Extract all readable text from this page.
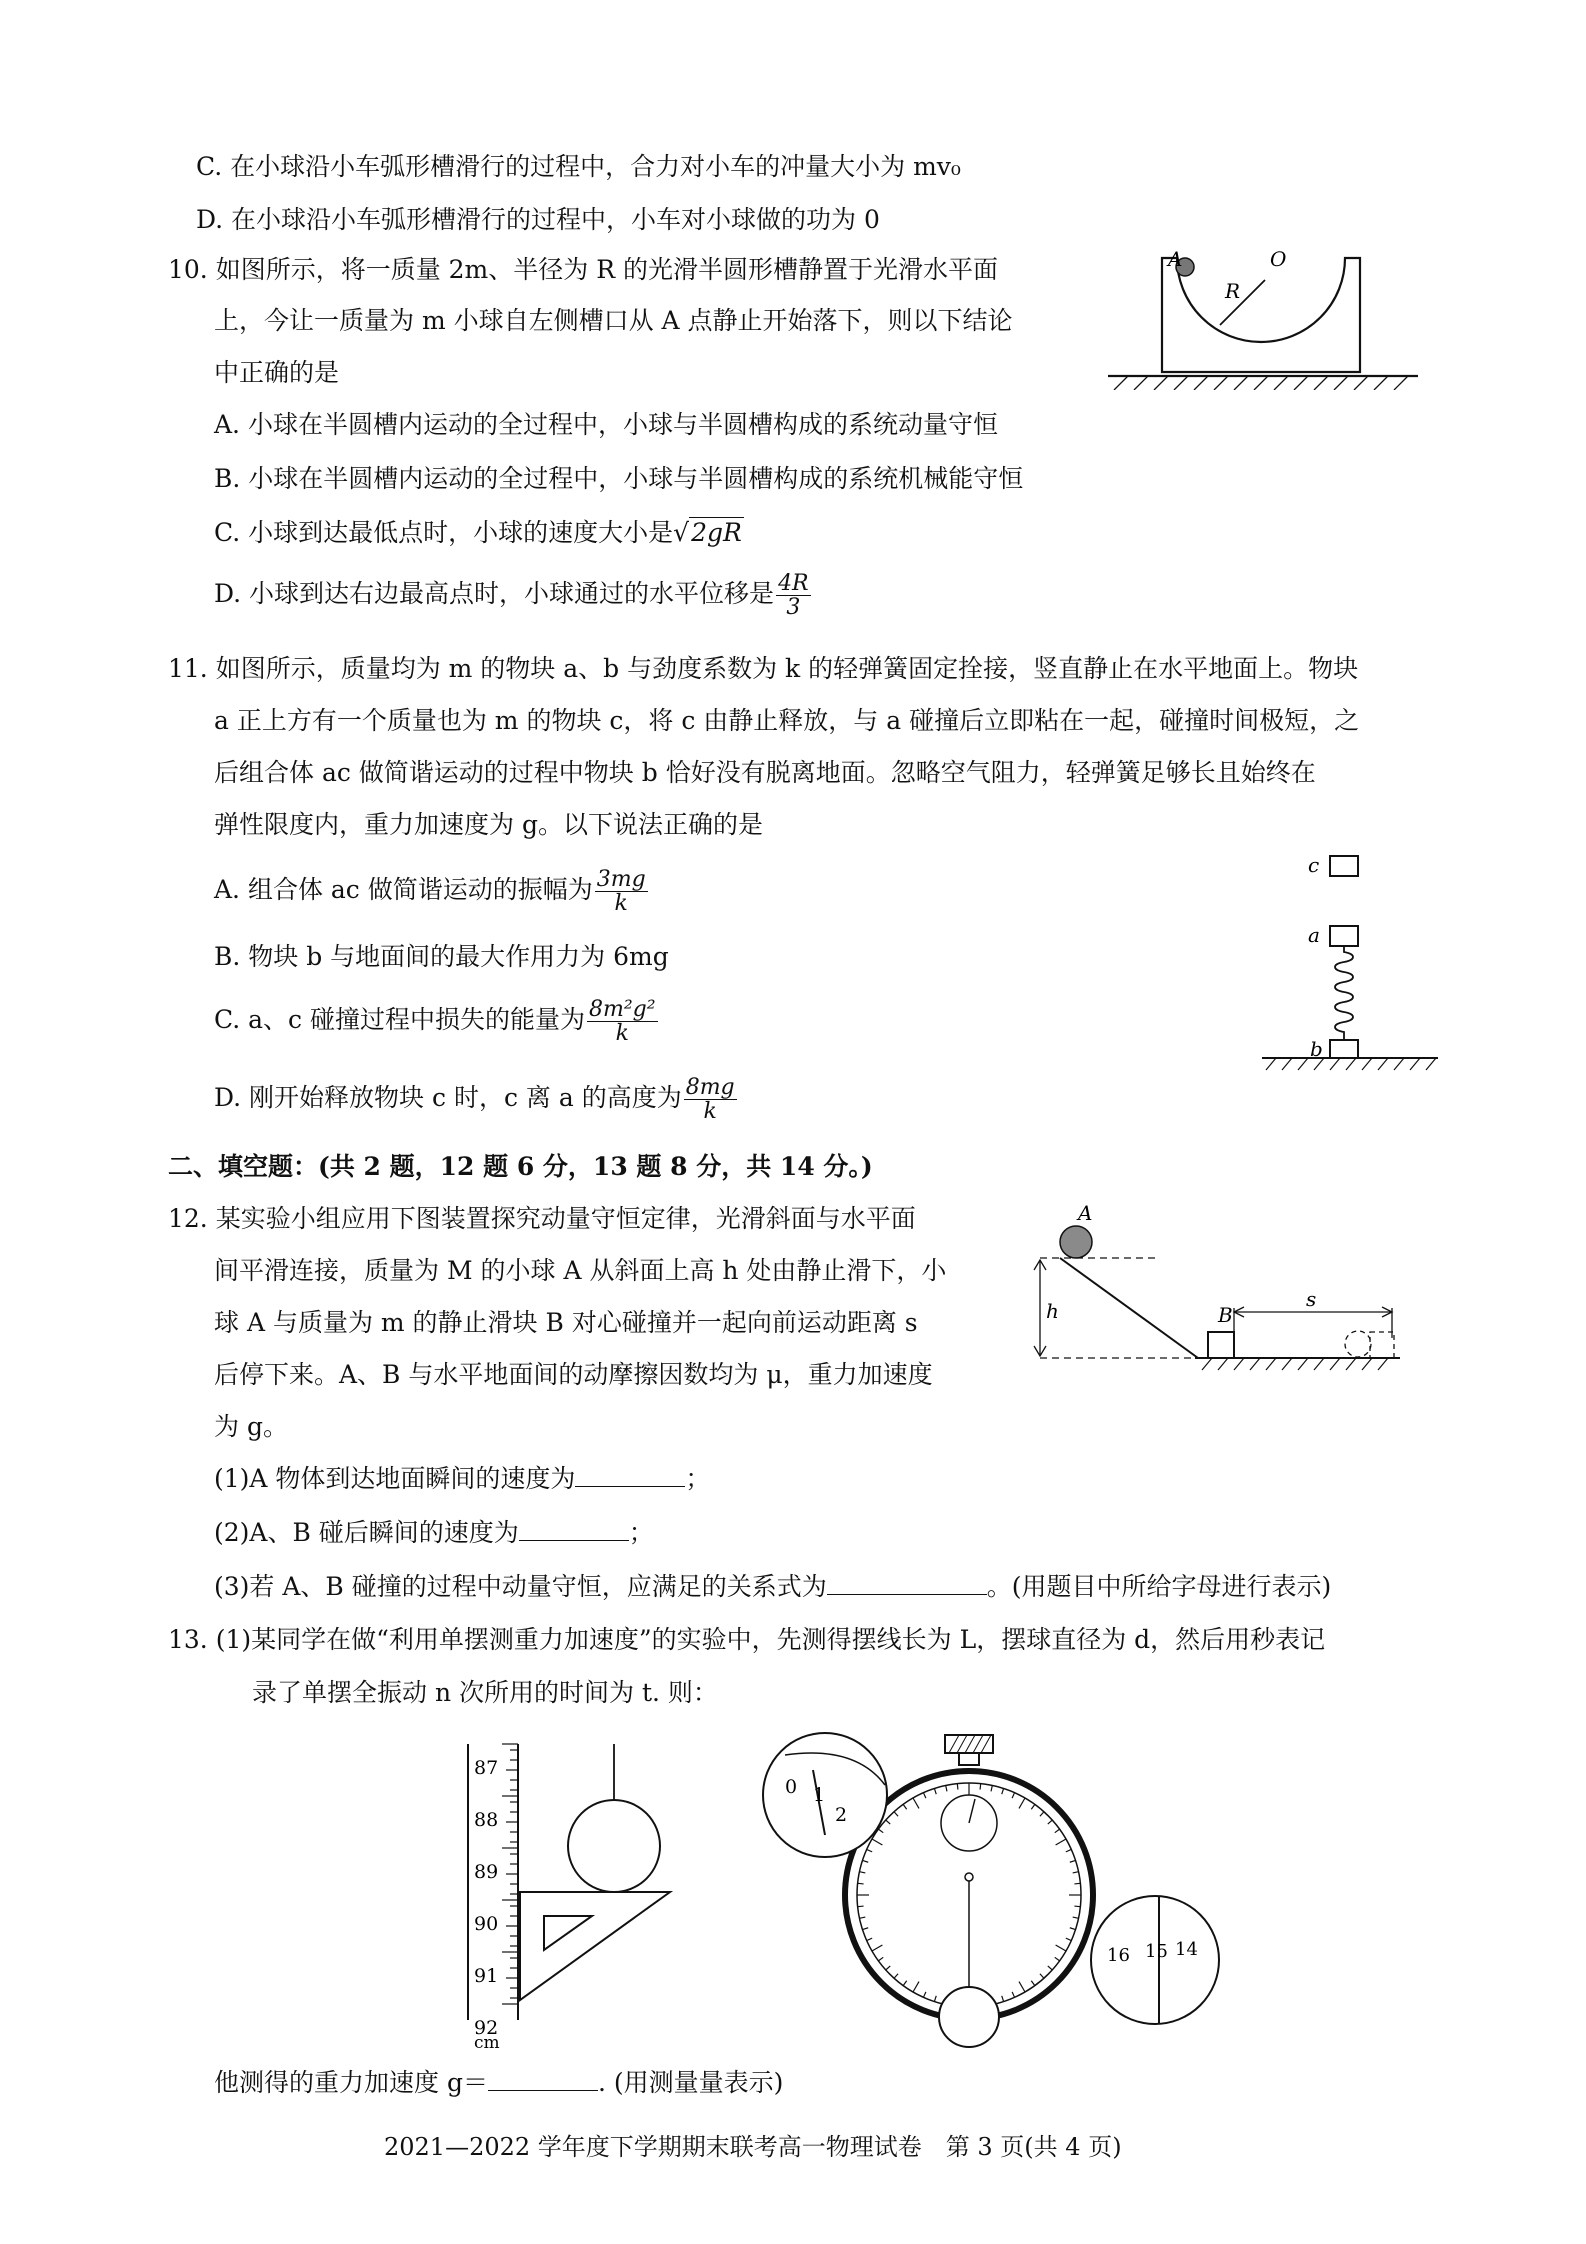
C. 在小球沿小车弧形槽滑行的过程中，合力对小车的冲量大小为 mv₀
D. 在小球沿小车弧形槽滑行的过程中，小车对小球做的功为 0
10. 如图所示，将一质量 2m、半径为 R 的光滑半圆形槽静置于光滑水平面
上，今让一质量为 m 小球自左侧槽口从 A 点静止开始落下，则以下结论
中正确的是
A. 小球在半圆槽内运动的全过程中，小球与半圆槽构成的系统动量守恒
B. 小球在半圆槽内运动的全过程中，小球与半圆槽构成的系统机械能守恒
C. 小球到达最低点时，小球的速度大小是√2gR
D. 小球到达右边最高点时，小球通过的水平位移是 $\frac{4R}{3}$
A	O
R
11. 如图所示，质量均为 m 的物块 a、b 与劲度系数为 k 的轻弹簧固定拴接，竖直静止在水平地面上。物块
a 正上方有一个质量也为 m 的物块 c，将 c 由静止释放，与 a 碰撞后立即粘在一起，碰撞时间极短，之
后组合体 ac 做简谐运动的过程中物块 b 恰好没有脱离地面。忽略空气阻力，轻弹簧足够长且始终在
弹性限度内，重力加速度为 g。以下说法正确的是
A. 组合体 ac 做简谐运动的振幅为 $\frac{3mg}{k}$
B. 物块 b 与地面间的最大作用力为 6mg
C. a、c 碰撞过程中损失的能量为 $\frac{\text{8m²g²}}{k}$
D. 刚开始释放物块 c 时，c 离 a 的高度为 $\frac{8mg}{k}$
c
a
b
二、填空题：(共 2 题，12 题 6 分，13 题 8 分，共 14 分。)
12. 某实验小组应用下图装置探究动量守恒定律，光滑斜面与水平面
间平滑连接，质量为 M 的小球 A 从斜面上高 h 处由静止滑下，小
球 A 与质量为 m 的静止滑块 B 对心碰撞并一起向前运动距离 s
后停下来。A、B 与水平地面间的动摩擦因数均为 μ，重力加速度
为 g。
(1)A 物体到达地面瞬间的速度为	；
(2)A、B 碰后瞬间的速度为	；
(3)若 A、B 碰撞的过程中动量守恒，应满足的关系式为	。(用题目中所给字母进行表示)
A
h	B
s
13. (1)某同学在做“利用单摆测重力加速度”的实验中，先测得摆线长为 L，摆球直径为 d，然后用秒表记
录了单摆全振动 n 次所用的时间为 t. 则：
87
88
89
90
91
92
cm
0 1
2
16 15 14
他测得的重力加速度 g＝	. (用测量量表示)
2021—2022 学年度下学期期末联考高一物理试卷　第 3 页(共 4 页)
